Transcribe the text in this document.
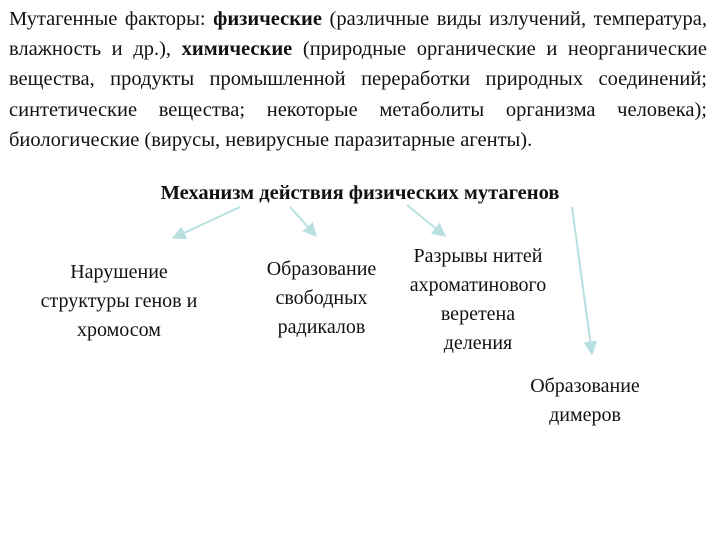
Мутагенные факторы: физические (различные виды излучений, температура, влажность и др.), химические (природные органические и неорганические вещества, продукты промышленной переработки природных соединений; синтетические вещества; некоторые метаболиты организма человека); биологические (вирусы, невирусные паразитарные агенты).
Механизм действия физических мутагенов
Нарушение
структуры генов и
хромосом
Образование
свободных
радикалов
Разрывы нитей
ахроматинового
веретена
деления
Образование
димеров
